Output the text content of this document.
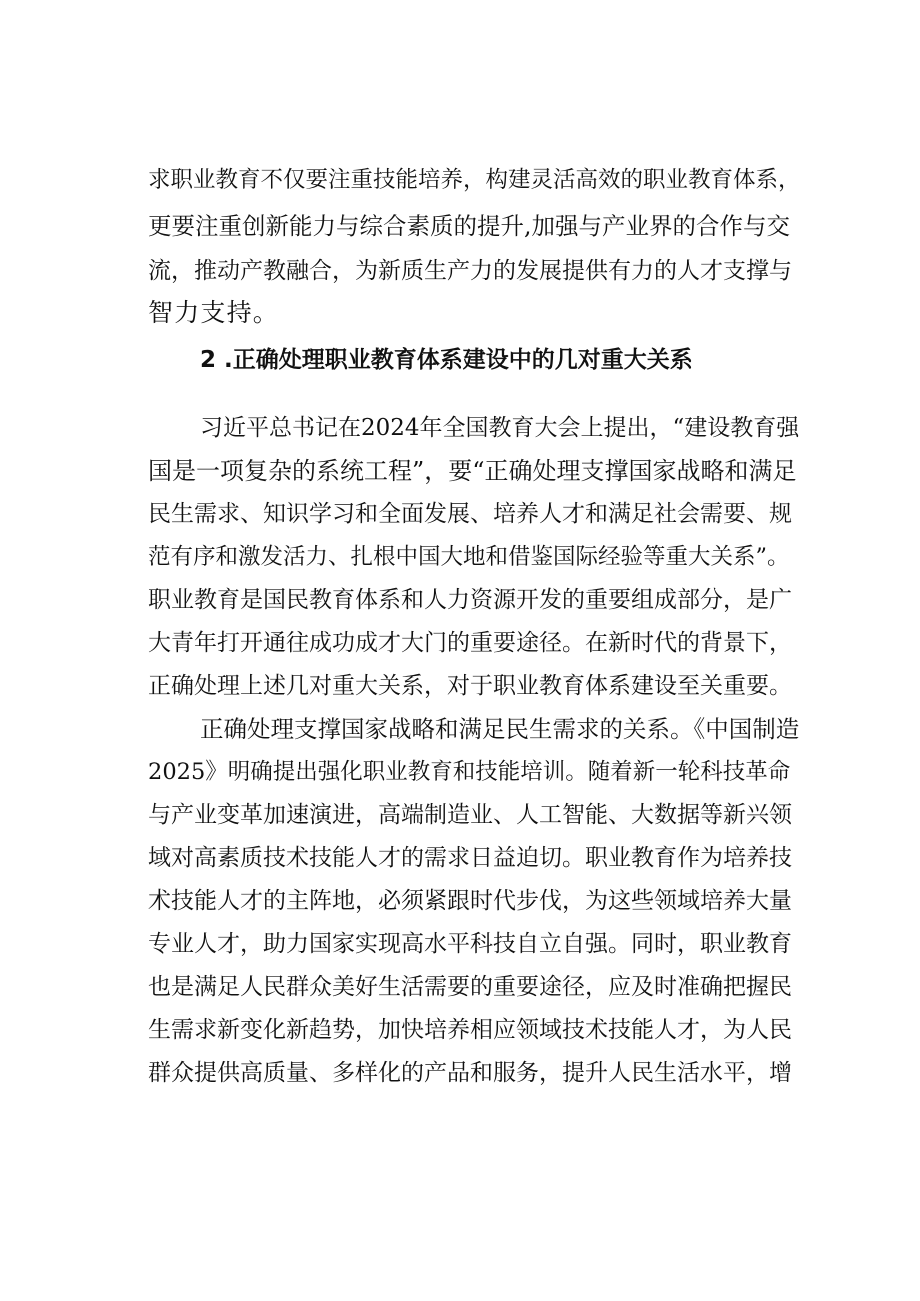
求职业教育不仅要注重技能培养，构建灵活高效的职业教育体系，
更要注重创新能力与综合素质的提升,加强与产业界的合作与交
流，推动产教融合，为新质生产力的发展提供有力的人才支撑与
智力支持。
2 .正确处理职业教育体系建设中的几对重大关系
习近平总书记在2024年全国教育大会上提出，“建设教育强
国是一项复杂的系统工程”，要“正确处理支撑国家战略和满足
民生需求、知识学习和全面发展、培养人才和满足社会需要、规
范有序和激发活力、扎根中国大地和借鉴国际经验等重大关系”。
职业教育是国民教育体系和人力资源开发的重要组成部分，是广
大青年打开通往成功成才大门的重要途径。在新时代的背景下，
正确处理上述几对重大关系，对于职业教育体系建设至关重要。
正确处理支撑国家战略和满足民生需求的关系。《中国制造
2025》明确提出强化职业教育和技能培训。随着新一轮科技革命
与产业变革加速演进，高端制造业、人工智能、大数据等新兴领
域对高素质技术技能人才的需求日益迫切。职业教育作为培养技
术技能人才的主阵地，必须紧跟时代步伐，为这些领域培养大量
专业人才，助力国家实现高水平科技自立自强。同时，职业教育
也是满足人民群众美好生活需要的重要途径，应及时准确把握民
生需求新变化新趋势，加快培养相应领域技术技能人才，为人民
群众提供高质量、多样化的产品和服务，提升人民生活水平，增
